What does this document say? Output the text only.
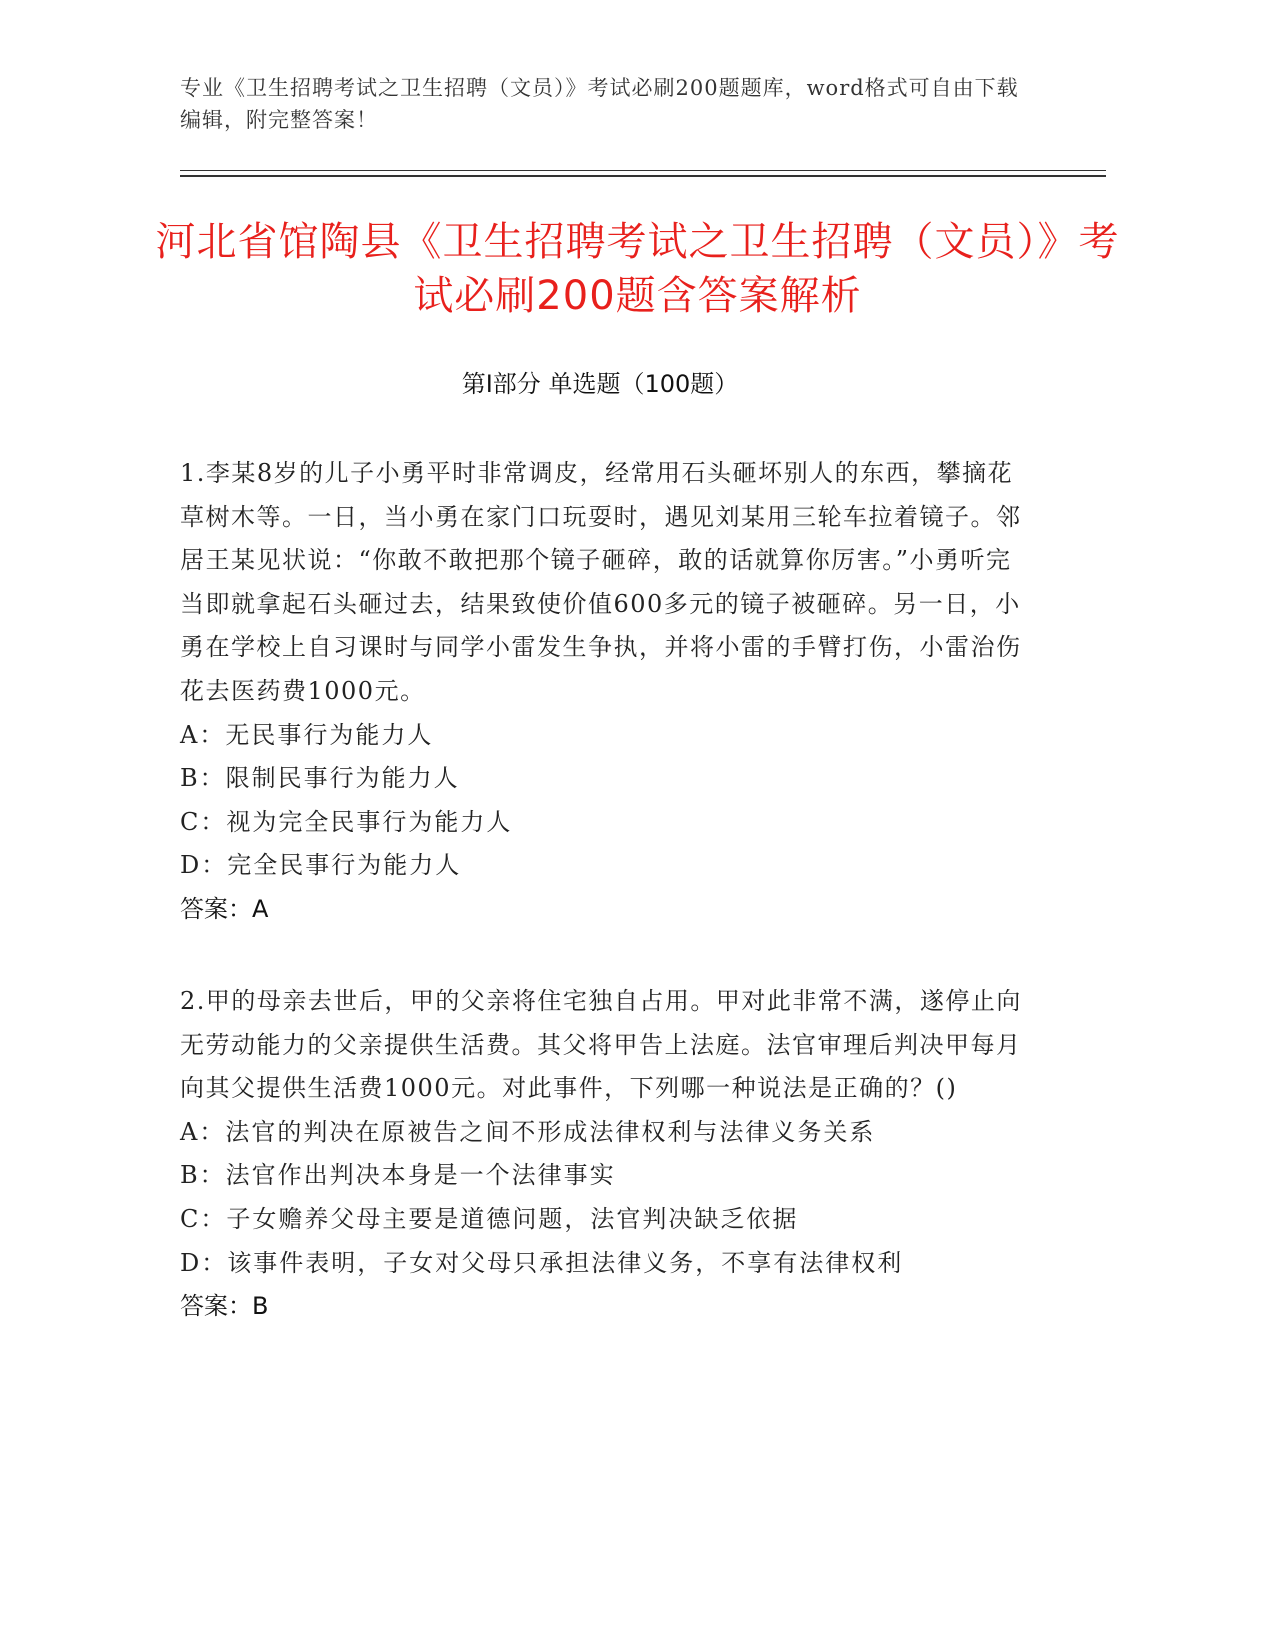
专业《卫生招聘考试之卫生招聘（文员）》考试必刷200题题库，word格式可自由下载编辑，附完整答案！
河北省馆陶县《卫生招聘考试之卫生招聘（文员）》考试必刷200题含答案解析
第Ⅰ部分 单选题（100题）

1.李某8岁的儿子小勇平时非常调皮，经常用石头砸坏别人的东西，攀摘花草树木等。一日，当小勇在家门口玩耍时，遇见刘某用三轮车拉着镜子。邻居王某见状说：“你敢不敢把那个镜子砸碎，敢的话就算你厉害。”小勇听完当即就拿起石头砸过去，结果致使价值600多元的镜子被砸碎。另一日，小勇在学校上自习课时与同学小雷发生争执，并将小雷的手臂打伤，小雷治伤花去医药费1000元。

A：无民事行为能力人

B：限制民事行为能力人

C：视为完全民事行为能力人

D：完全民事行为能力人

答案：A

2.甲的母亲去世后，甲的父亲将住宅独自占用。甲对此非常不满，遂停止向无劳动能力的父亲提供生活费。其父将甲告上法庭。法官审理后判决甲每月向其父提供生活费1000元。对此事件，下列哪一种说法是正确的？()

A：法官的判决在原被告之间不形成法律权利与法律义务关系

B：法官作出判决本身是一个法律事实

C：子女赡养父母主要是道德问题，法官判决缺乏依据

D：该事件表明，子女对父母只承担法律义务，不享有法律权利

答案：B
